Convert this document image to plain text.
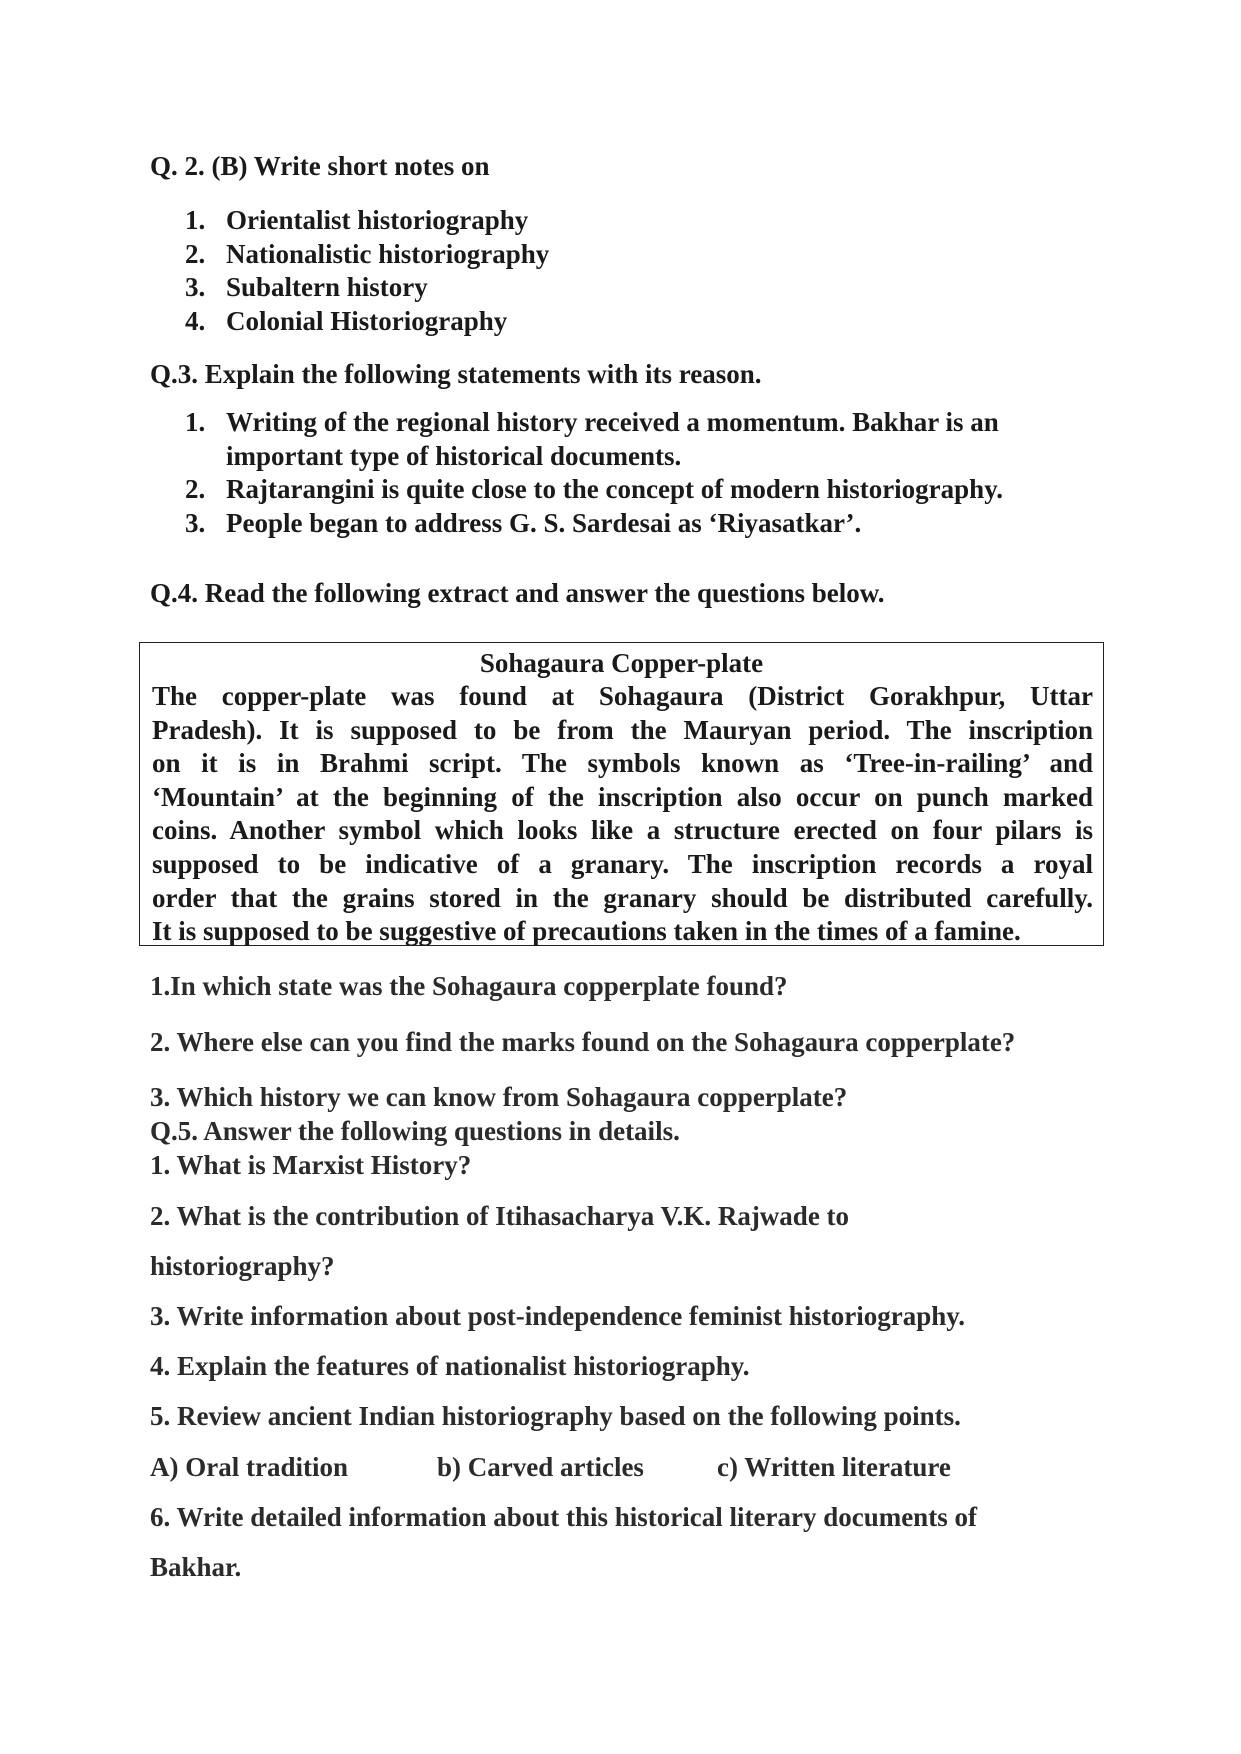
Q. 2. (B) Write short notes on

1. Orientalist historiography
2. Nationalistic historiography
3. Subaltern history
4. Colonial Historiography

Q.3. Explain the following statements with its reason.

1. Writing of the regional history received a momentum. Bakhar is an
important type of historical documents.
2. Rajtarangini is quite close to the concept of modern historiography.
3. People began to address G. S. Sardesai as ‘Riyasatkar’.

Q.4. Read the following extract and answer the questions below.

Sohagaura Copper-plate
The copper-plate was found at Sohagaura (District Gorakhpur, Uttar
Pradesh). It is supposed to be from the Mauryan period. The inscription
on it is in Brahmi script. The symbols known as ‘Tree-in-railing’ and
‘Mountain’ at the beginning of the inscription also occur on punch marked
coins. Another symbol which looks like a structure erected on four pilars is
supposed to be indicative of a granary. The inscription records a royal
order that the grains stored in the granary should be distributed carefully.
It is supposed to be suggestive of precautions taken in the times of a famine.

1.In which state was the Sohagaura copperplate found?

2. Where else can you find the marks found on the Sohagaura copperplate?

3. Which history we can know from Sohagaura copperplate?

Q.5. Answer the following questions in details.

1. What is Marxist History?

2. What is the contribution of Itihasacharya V.K. Rajwade to

historiography?

3. Write information about post-independence feminist historiography.

4. Explain the features of nationalist historiography.

5. Review ancient Indian historiography based on the following points.

A) Oral tradition	b) Carved articles	c) Written literature

6. Write detailed information about this historical literary documents of

Bakhar.
